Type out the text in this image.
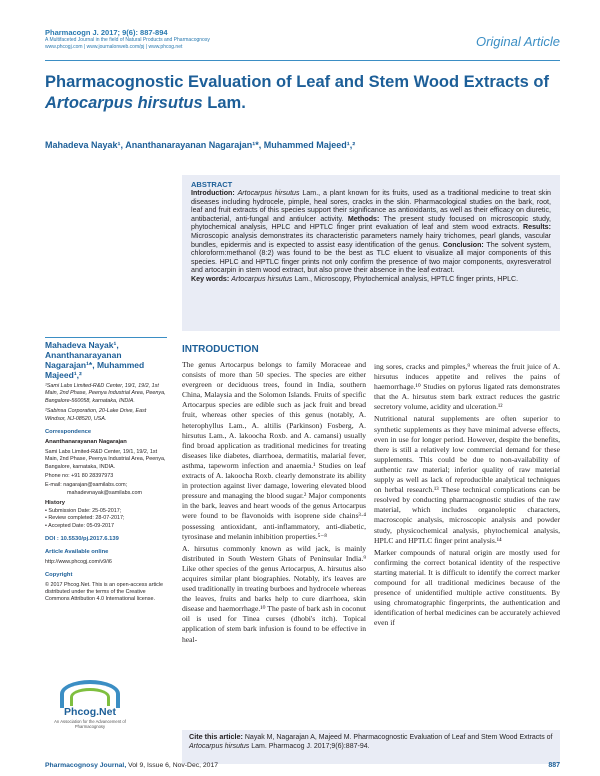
Pharmacogn J. 2017; 9(6): 887-894
A Multifaceted Journal in the field of Natural Products and Pharmacognosy
www.phcogj.com | www.journalonweb.com/pj | www.phcog.net	Original Article
Pharmacognostic Evaluation of Leaf and Stem Wood Extracts of
Artocarpus hirsutus Lam.
Mahadeva Nayak¹, Ananthanarayanan Nagarajan¹*, Muhammed Majeed¹,²
ABSTRACT

Introduction: Artocarpus hirsutus Lam., a plant known for its fruits, used as a traditional medicine to treat skin diseases including hydrocele, pimple, heal sores, cracks in the skin. Pharmacological studies on the bark, root, leaf and fruit extracts of this species support their significance as antioxidants, as well as their efficacy on diuretic, antibacterial, anti-fungal and antiulcer activity. Methods: The present study focused on microscopic study, phytochemical analysis, HPLC and HPTLC finger print evaluation of leaf and stem wood extracts. Results: Microscopic analysis demonstrates its characteristic parameters namely hairy trichomes, pearl glands, vascular bundles, epidermis and is expected to assist easy identification of the genus. Conclusion: The solvent system, chloroform:methanol (8:2) was found to be the best as TLC eluent to visualize all major components of this species. HPLC and HPTLC finger prints not only confirm the presence of two major components, oxyresveratrol and artocarpin in stem wood extract, but also prove their absence in the leaf extract.

Key words: Artocarpus hirsutus Lam., Microscopy, Phytochemical analysis, HPTLC finger prints, HPLC.

Mahadeva Nayak¹, Ananthanarayanan Nagarajan¹*, Muhammed Majeed¹,²
¹Sami Labs Limited-R&D Center, 19/1, 19/2, 1st Main, 2nd Phase, Peenya Industrial Area, Peenya, Bangalore-560058, karnataka, INDIA.
²Sabinsa Corporation, 20-Lake Drive, East Windsor, NJ-08520, USA.
Correspondence
Ananthanarayanan Nagarajan
Sami Labs Limited-R&D Center, 19/1, 19/2, 1st Main, 2nd Phase, Peenya Industrial Area, Peenya, Bangalore, karnataka, INDIA.
Phone no: +91 80 28397973
E-mail: nagarajan@samilabs.com;
mahadevnayak@samilabs.com
History
• Submission Date: 25-05-2017;
• Review completed: 28-07-2017;
• Accepted Date: 05-09-2017
DOI : 10.5530/pj.2017.6.139
Article Available online
http://www.phcogj.com/v9/i6
Copyright
© 2017 Phcog.Net. This is an open-access article distributed under the terms of the Creative Commons Attribution 4.0 International license.
Phcog.Net
An Association for the Advancement of Pharmacognosy
INTRODUCTION

The genus Artocarpus belongs to family Moraceae and consists of more than 50 species. The species are either evergreen or deciduous trees, found in India, southern China, Malaysia and the Solomon Islands. Fruits of specific Artocarpus species are edible such as jack fruit and bread fruit, whereas other species of this genus (notably, A. heterophyllus Lam., A. altilis (Parkinson) Fosberg, A. hirsutus Lam., A. lakoocha Roxb. and A. camansi) usually find broad application as traditional medicines for treating diseases like diabetes, diarrhoea, dermatitis, malarial fever, asthma, tapeworm infection and anaemia.¹ Studies on leaf extracts of A. lakoocha Roxb. clearly demonstrate its ability in protection against liver damage, lowering elevated blood pressure and managing the blood sugar.² Major components in the bark, leaves and heart woods of the genus Artocarpus were found to be flavonoids with isoprene side chains³·⁴ possessing antioxidant, anti-inflammatory, anti-diabetic, tyrosinase and melanin inhibition properties.⁵⁻⁸

A. hirsutus commonly known as wild jack, is mainly distributed in South Western Ghats of Peninsular India.⁹ Like other species of the genus Artocarpus, A. hirsutus also acquires similar plant biographies. Notably, it's leaves are used traditionally in treating burboes and hydrocele whereas the leaves, fruits and barks help to cure diarrhoea, skin disease and haemorrhage.¹⁰ The paste of bark ash in coconut oil is used for Tinea curses (dhobi's itch). Topical application of stem bark infusion is found to be effective in heal-

ing sores, cracks and pimples,⁹ whereas the fruit juice of A. hirsutus induces appetite and relives the pains of haemorrhage.¹⁰ Studies on pylorus ligated rats demonstrates that the A. hirsutus stem bark extract reduces the gastric secretory volume, acidity and ulceration.¹²

Nutritional natural supplements are often superior to synthetic supplements as they have minimal adverse effects, even in use for longer period. However, despite the benefits, there is still a relatively low commercial demand for these supplements. This could be due to non-availability of authentic raw material; inferior quality of raw material supply as well as lack of reproducible analytical techniques on herbal research.¹³ These technical complications can be resolved by conducting pharmacognostic studies of the raw material, which includes organoleptic characters, macroscopic analysis, microscopic analysis and powder study, physicochemical analysis, phytochemical analysis, HPLC and HPTLC finger print analysis.¹⁴

Marker compounds of natural origin are mostly used for confirming the correct botanical identity of the respective starting material. It is difficult to identify the correct marker compound for all traditional medicines because of the presence of unidentified multiple active constituents. By using chromatographic fingerprints, the authentication and identification of herbal medicines can be accurately achieved even if

Cite this article: Nayak M, Nagarajan A, Majeed M. Pharmacognostic Evaluation of Leaf and Stem Wood Extracts of Artocarpus hirsutus Lam. Pharmacog J. 2017;9(6):887-94.
Pharmacognosy Journal, Vol 9, Issue 6, Nov-Dec, 2017	887
